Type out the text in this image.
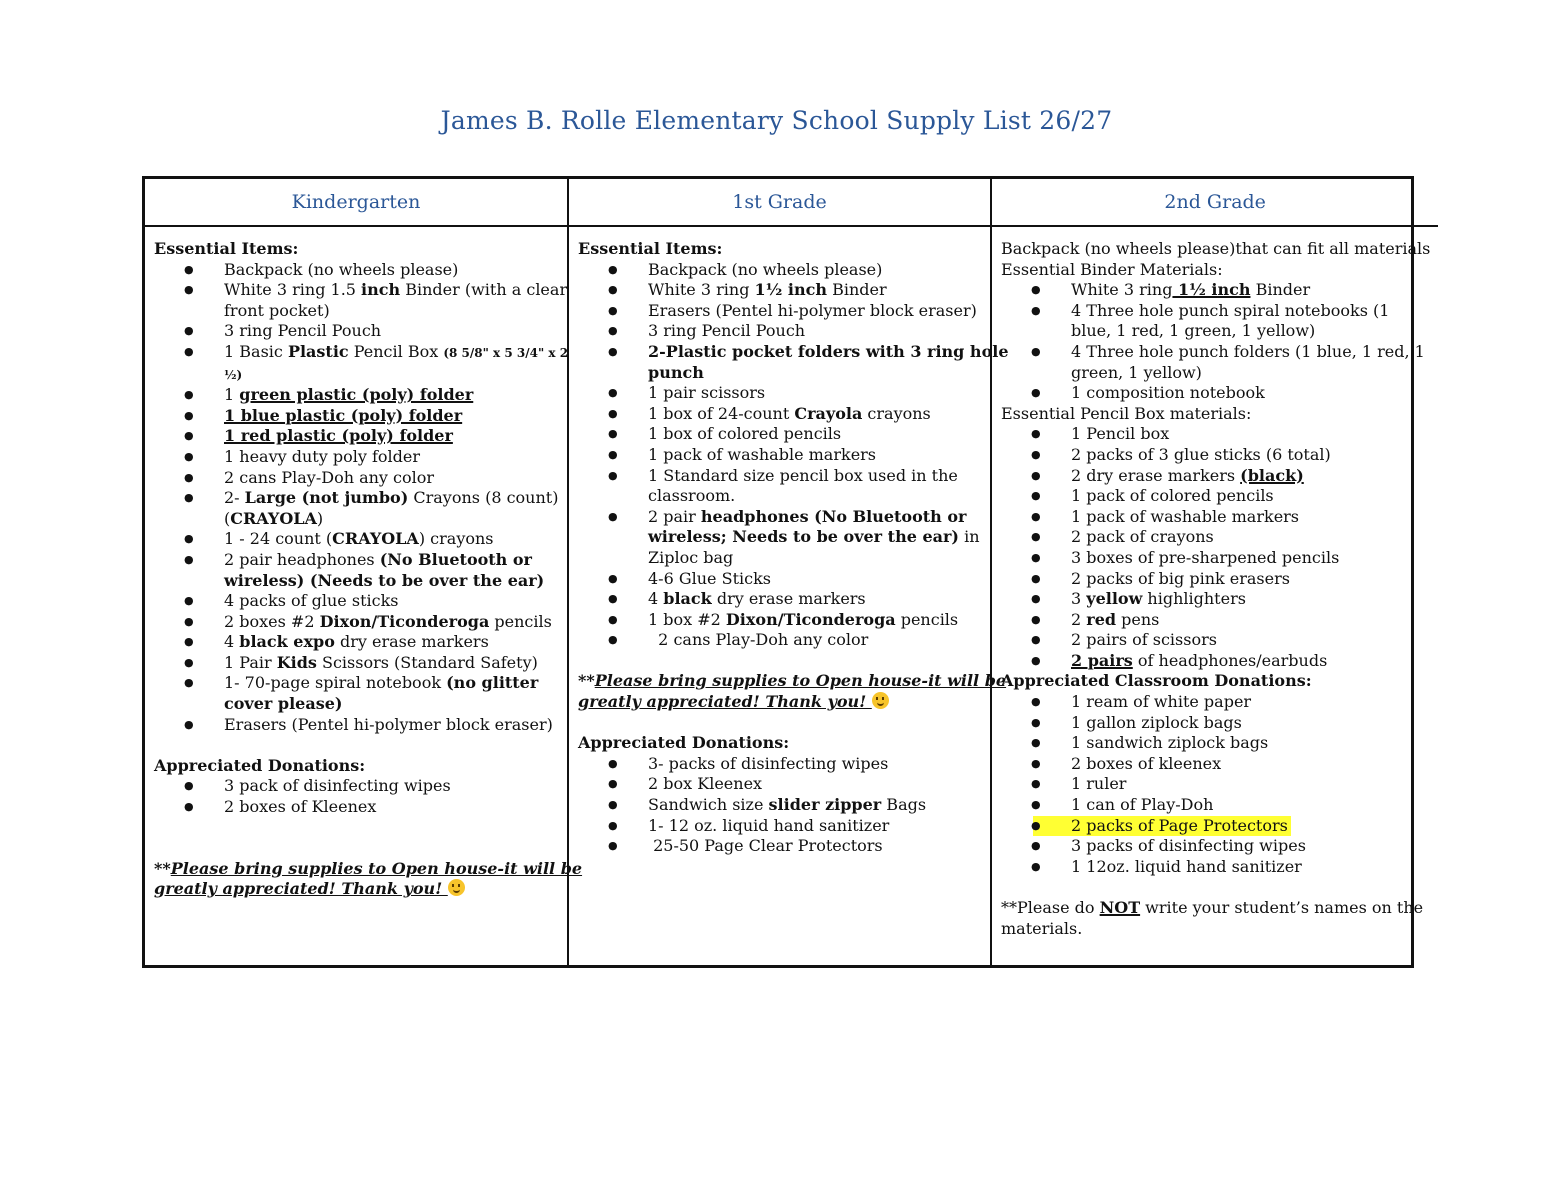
James B. Rolle Elementary School Supply List 26/27
Kindergarten	1st Grade	2nd Grade
Essential Items:
● Backpack (no wheels please)
● White 3 ring 1.5 inch Binder (with a clear
front pocket)
● 3 ring Pencil Pouch
● 1 Basic Plastic Pencil Box (8 5/8" x 5 3/4" x 2
½)
● 1 green plastic (poly) folder
● 1 blue plastic (poly) folder
● 1 red plastic (poly) folder
● 1 heavy duty poly folder
● 2 cans Play-Doh any color
● 2- Large (not jumbo) Crayons (8 count)
(CRAYOLA)
● 1 - 24 count (CRAYOLA) crayons
● 2 pair headphones (No Bluetooth or
wireless) (Needs to be over the ear)
● 4 packs of glue sticks
● 2 boxes #2 Dixon/Ticonderoga pencils
● 4 black expo dry erase markers
● 1 Pair Kids Scissors (Standard Safety)
● 1- 70-page spiral notebook (no glitter
cover please)
● Erasers (Pentel hi-polymer block eraser)
Appreciated Donations:
● 3 pack of disinfecting wipes
● 2 boxes of Kleenex
**Please bring supplies to Open house-it will be
greatly appreciated! Thank you!
Essential Items:
● Backpack (no wheels please)
● White 3 ring 1½ inch Binder
● Erasers (Pentel hi-polymer block eraser)
● 3 ring Pencil Pouch
● 2-Plastic pocket folders with 3 ring hole
punch
● 1 pair scissors
● 1 box of 24-count Crayola crayons
● 1 box of colored pencils
● 1 pack of washable markers
● 1 Standard size pencil box used in the
classroom.
● 2 pair headphones (No Bluetooth or
wireless; Needs to be over the ear) in
Ziploc bag
● 4-6 Glue Sticks
● 4 black dry erase markers
● 1 box #2 Dixon/Ticonderoga pencils
●   2 cans Play-Doh any color
**Please bring supplies to Open house-it will be
greatly appreciated! Thank you!
Appreciated Donations:
● 3- packs of disinfecting wipes
● 2 box Kleenex
● Sandwich size slider zipper Bags
● 1- 12 oz. liquid hand sanitizer
●  25-50 Page Clear Protectors
Backpack (no wheels please)that can fit all materials
Essential Binder Materials:
● White 3 ring 1½ inch Binder
● 4 Three hole punch spiral notebooks (1
blue, 1 red, 1 green, 1 yellow)
● 4 Three hole punch folders (1 blue, 1 red, 1
green, 1 yellow)
● 1 composition notebook
Essential Pencil Box materials:
● 1 Pencil box
● 2 packs of 3 glue sticks (6 total)
● 2 dry erase markers (black)
● 1 pack of colored pencils
● 1 pack of washable markers
● 2 pack of crayons
● 3 boxes of pre-sharpened pencils
● 2 packs of big pink erasers
● 3 yellow highlighters
● 2 red pens
● 2 pairs of scissors
● 2 pairs of headphones/earbuds
Appreciated Classroom Donations:
● 1 ream of white paper
● 1 gallon ziplock bags
● 1 sandwich ziplock bags
● 2 boxes of kleenex
● 1 ruler
● 1 can of Play-Doh
● 2 packs of Page Protectors
● 3 packs of disinfecting wipes
● 1 12oz. liquid hand sanitizer
**Please do NOT write your student’s names on the
materials.
